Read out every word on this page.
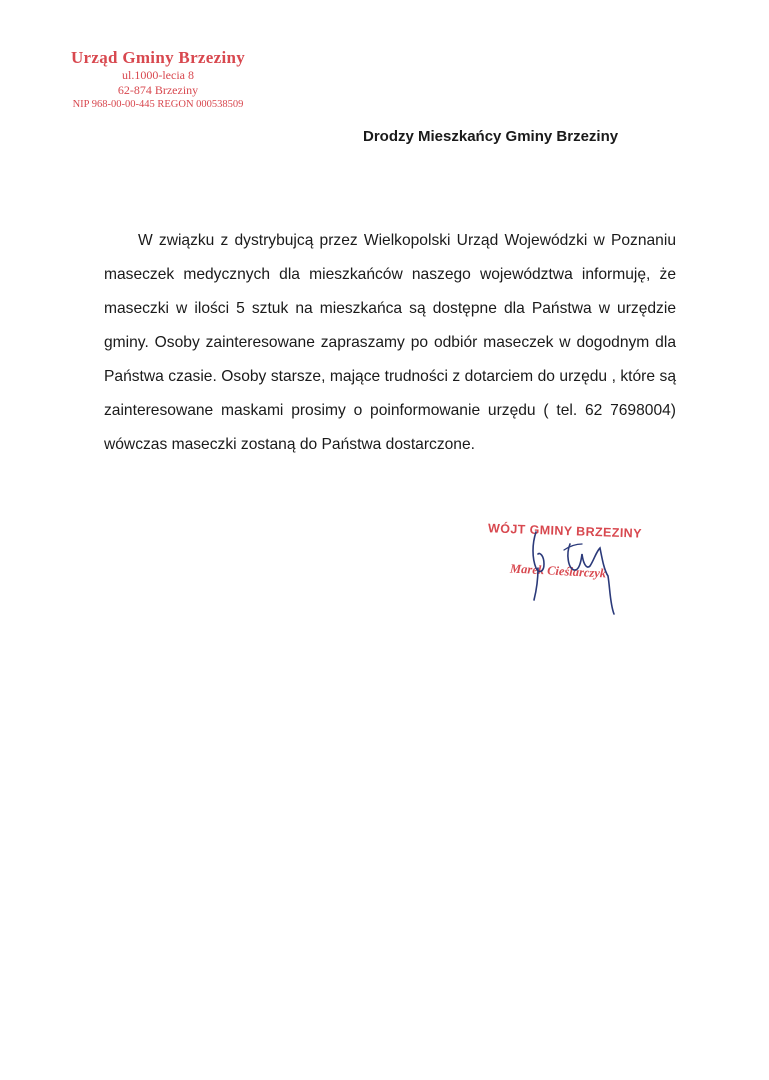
Urząd Gminy Brzeziny
ul.1000-lecia 8
62-874 Brzeziny
NIP 968-00-00-445 REGON 000538509
Drodzy Mieszkańcy Gminy Brzeziny

W związku z dystrybujcą przez Wielkopolski Urząd Wojewódzki w Poznaniu maseczek medycznych dla mieszkańców naszego województwa informuję, że maseczki w ilości 5 sztuk na mieszkańca są dostępne dla Państwa w urzędzie gminy. Osoby zainteresowane zapraszamy po odbiór maseczek w dogodnym dla Państwa czasie. Osoby starsze, mające trudności z dotarciem do urzędu , które są zainteresowane maskami prosimy o poinformowanie urzędu ( tel. 62 7698004) wówczas maseczki zostaną do Państwa dostarczone.

WÓJT GMINY BRZEZINY
Marek Cieślarczyk
